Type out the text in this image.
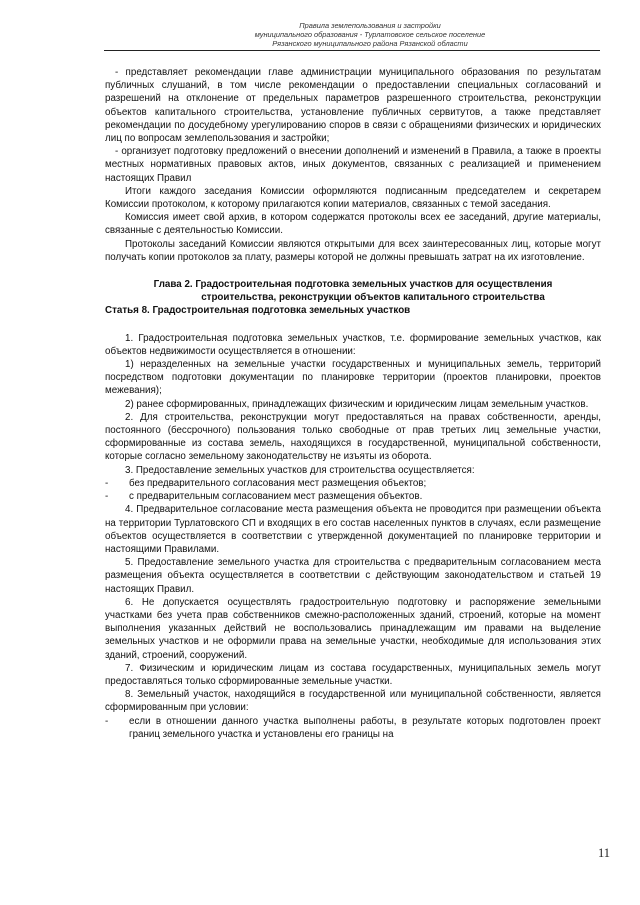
Правила землепользования и застройки
муниципального образования - Турлатовское сельское поселение
Рязанского муниципального района Рязанской области

- представляет рекомендации главе администрации муниципального образования по результатам публичных слушаний, в том числе рекомендации о предоставлении специальных согласований и разрешений на отклонение от предельных параметров разрешенного строительства, реконструкции объектов капитального строительства, установление публичных сервитутов, а также представляет рекомендации по досудебному урегулированию споров в связи с обращениями физических и юридических лиц по вопросам землепользования и застройки;

- организует подготовку предложений о внесении дополнений и изменений в Правила, а также в проекты местных нормативных правовых актов, иных документов, связанных с реализацией и применением настоящих Правил

Итоги каждого заседания Комиссии оформляются подписанным председателем и секретарем Комиссии протоколом, к которому прилагаются копии материалов, связанных с темой заседания.

Комиссия имеет свой архив, в котором содержатся протоколы всех ее заседаний, другие материалы, связанные с деятельностью Комиссии.

Протоколы заседаний Комиссии являются открытыми для всех заинтересованных лиц, которые могут получать копии протоколов за плату, размеры которой не должны превышать затрат на их изготовление.

Глава 2. Градостроительная подготовка земельных участков для осуществления
строительства, реконструкции объектов капитального строительства

Статья 8. Градостроительная подготовка земельных участков

1. Градостроительная подготовка земельных участков, т.е. формирование земельных участков, как объектов недвижимости осуществляется в отношении:

1) неразделенных на земельные участки государственных и муниципальных земель, территорий посредством подготовки документации по планировке территории (проектов планировки, проектов межевания);

2) ранее сформированных, принадлежащих физическим и юридическим лицам земельным участков.

2. Для строительства, реконструкции могут предоставляться на правах собственности, аренды, постоянного (бессрочного) пользования только свободные от прав третьих лиц земельные участки, сформированные из состава земель, находящихся в государственной, муниципальной собственности, которые согласно земельному законодательству не изъяты из оборота.

3. Предоставление земельных участков для строительства осуществляется:

-	без предварительного согласования мест размещения объектов;
-	с предварительным согласованием мест размещения объектов.

4. Предварительное согласование места размещения объекта не проводится при размещении объекта на территории Турлатовского СП и входящих в его состав населенных пунктов в случаях, если размещение объектов осуществляется в соответствии с утвержденной документацией по планировке территории и настоящими Правилами.

5. Предоставление земельного участка для строительства с предварительным согласованием места размещения объекта осуществляется в соответствии с действующим законодательством и статьей 19 настоящих Правил.

6. Не допускается осуществлять градостроительную подготовку и распоряжение земельными участками без учета прав собственников смежно-расположенных зданий, строений, которые на момент выполнения указанных действий не воспользовались принадлежащим им правами на выделение земельных участков и не оформили права на земельные участки, необходимые для использования этих зданий, строений, сооружений.

7. Физическим и юридическим лицам из состава государственных, муниципальных земель могут предоставляться только сформированные земельные участки.

8. Земельный участок, находящийся в государственной или муниципальной собственности, является сформированным при условии:

-	если в отношении данного участка выполнены работы, в результате которых подготовлен проект границ земельного участка и установлены его границы на
11
